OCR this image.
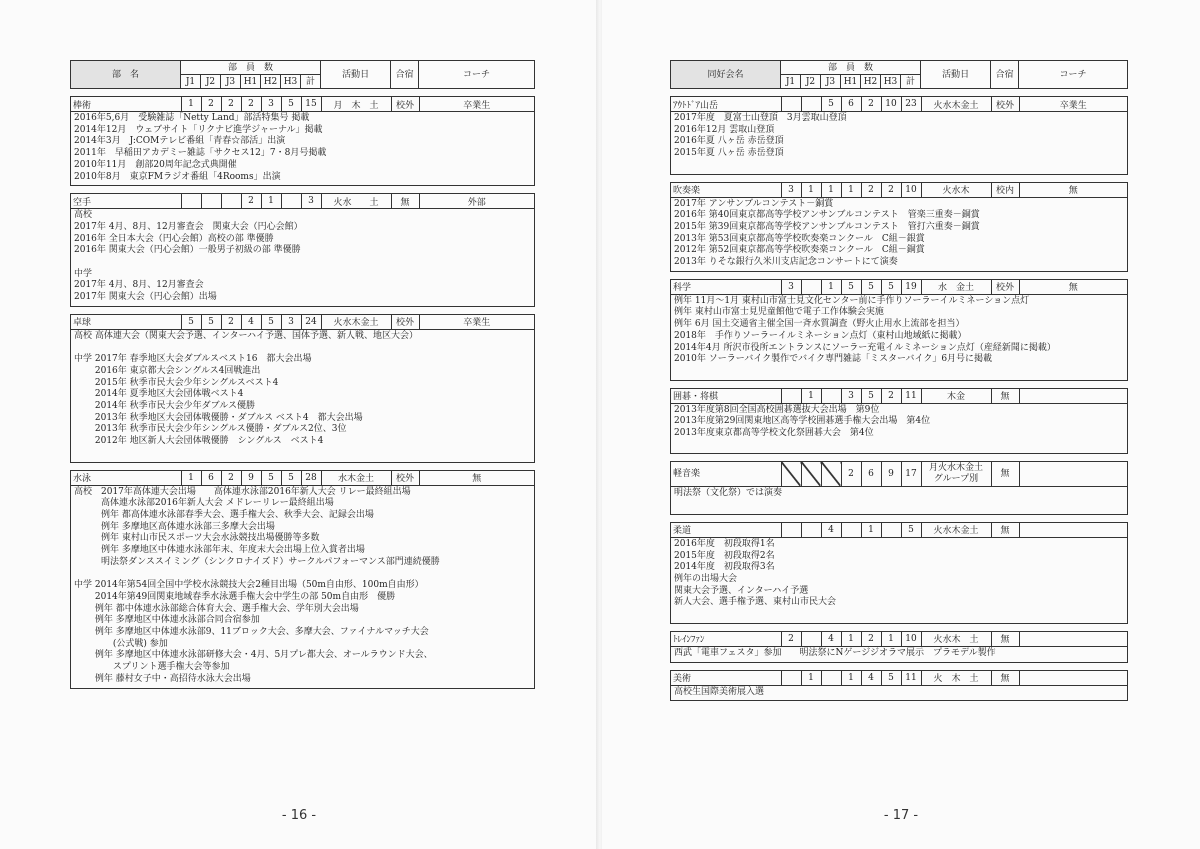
部　名	部　員　数							活動日	合宿	コーチ
	J1	J2	J3	H1	H2	H3	計			
棒術	1	2	2	2	3	5	15	月　木　土	校外	卒業生
2016年5,6月　受験雑誌「Netty Land」部活特集号 掲載
2014年12月　ウェブサイト「リクナビ進学ジャーナル」掲載
2014年3月　J:COMテレビ番組「青春☆部活」出演
2011年　早稲田アカデミー雑誌「サクセス12」7・8月号掲載
2010年11月　創部20周年記念式典開催
2010年8月　東京FMラジオ番組「4Rooms」出演
空手				2	1		3	火水　　土	無	外部
高校
2017年 4月、8月、12月審査会　関東大会（円心会館）
2016年 全日本大会（円心会館）高校の部 準優勝
2016年 関東大会（円心会館）一般男子初級の部 準優勝
中学
2017年 4月、8月、12月審査会
2017年 関東大会（円心会館）出場
卓球	5	5	2	4	5	3	24	火水木金土	校外	卒業生
高校 高体連大会（関東大会予選、インターハイ予選、国体予選、新人戦、地区大会）
中学 2017年 春季地区大会ダブルスベスト16　都大会出場
　　 2016年 東京都大会シングルス4回戦進出
　　 2015年 秋季市民大会少年シングルスベスト4
　　 2014年 夏季地区大会団体戦ベスト4
　　 2014年 秋季市民大会少年ダブルス優勝
　　 2013年 秋季地区大会団体戦優勝・ダブルス ベスト4　都大会出場
　　 2013年 秋季市民大会少年シングルス優勝・ダブルス2位、3位
　　 2012年 地区新人大会団体戦優勝　シングルス　ベスト4
水泳	1	6	2	9	5	5	28	水木金土	校外	無
高校　2017年高体連大会出場　　高体連水泳部2016年新人大会 リレー最終組出場
　　　高体連水泳部2016年新人大会 メドレーリレー最終組出場
　　　例年 都高体連水泳部春季大会、選手権大会、秋季大会、記録会出場
　　　例年 多摩地区高体連水泳部三多摩大会出場
　　　例年 東村山市民スポーツ大会水泳競技出場優勝等多数
　　　例年 多摩地区中体連水泳部年末、年度末大会出場上位入賞者出場
　　　明法祭ダンススイミング（シンクロナイズド）サークルパフォーマンス部門連続優勝
中学 2014年第54回全国中学校水泳競技大会2種目出場（50m自由形、100m自由形）
　　 2014年第49回関東地域春季水泳選手権大会中学生の部 50m自由形　優勝
　　 例年 都中体連水泳部総合体育大会、選手権大会、学年別大会出場
　　 例年 多摩地区中体連水泳部合同合宿参加
　　 例年 多摩地区中体連水泳部9、11ブロック大会、多摩大会、ファイナルマッチ大会
　　　　 (公式戦) 参加
　　 例年 多摩地区中体連水泳部研修大会・4月、5月プレ都大会、オールラウンド大会、
　　　　 スプリント選手権大会等参加
　　 例年 藤村女子中・高招待水泳大会出場
- 16 -
同好会名	部　員　数							活動日	合宿	コーチ
	J1	J2	J3	H1	H2	H3	計			
ｱｳﾄﾄﾞｱ山岳			5	6	2	10	23	火水木金土	校外	卒業生
2017年度　夏富士山登頂　3月雲取山登頂
2016年12月 雲取山登頂
2016年夏 八ヶ岳 赤岳登頂
2015年夏 八ヶ岳 赤岳登頂
吹奏楽	3	1	1	1	2	2	10	火水木	校内	無
2017年 アンサンブルコンテスト－銅賞
2016年 第40回東京都高等学校アンサンブルコンテスト　管楽三重奏－銅賞
2015年 第39回東京都高等学校アンサンブルコンテスト　管打六重奏－銅賞
2013年 第53回東京都高等学校吹奏楽コンクール　C組－銀賞
2012年 第52回東京都高等学校吹奏楽コンクール　C組－銅賞
2013年 りそな銀行久米川支店記念コンサートにて演奏
科学	3		1	5	5	5	19	水　金土	校外	無
例年 11月～1月 東村山市富士見文化センター前に手作りソーラーイルミネーション点灯
例年 東村山市富士見児童館他で電子工作体験会実施
例年 6月 国土交通省主催全国一斉水質調査（野火止用水上流部を担当）
2018年　手作りソーラーイルミネーション点灯（東村山地域紙に掲載）
2014年4月 所沢市役所エントランスにソーラー充電イルミネーション点灯（産経新聞に掲載）
2010年 ソーラーバイク製作でバイク専門雑誌「ミスターバイク」6月号に掲載
囲碁・将棋		1		3	5	2	11	木金	無	
2013年度第8回全国高校囲碁選抜大会出場　第9位
2013年度第29回関東地区高等学校囲碁選手権大会出場　第4位
2013年度東京都高等学校文化祭囲碁大会　第4位
軽音楽				2	6	9	17	月火水木金土 グループ別	無	
明法祭（文化祭）では演奏
柔道			4		1		5	火水木金土	無	
2016年度　初段取得1名
2015年度　初段取得2名
2014年度　初段取得3名
例年の出場大会
関東大会予選、インターハイ予選
新人大会、選手権予選、東村山市民大会
ﾄﾚｲﾝﾌｧﾝ	2		4	1	2	1	10	火水木　土	無	
西武「電車フェスタ」参加　　明法祭にNゲージジオラマ展示　プラモデル製作
美術		1		1	4	5	11	火　木　土	無	
高校生国際美術展入選
- 17 -
